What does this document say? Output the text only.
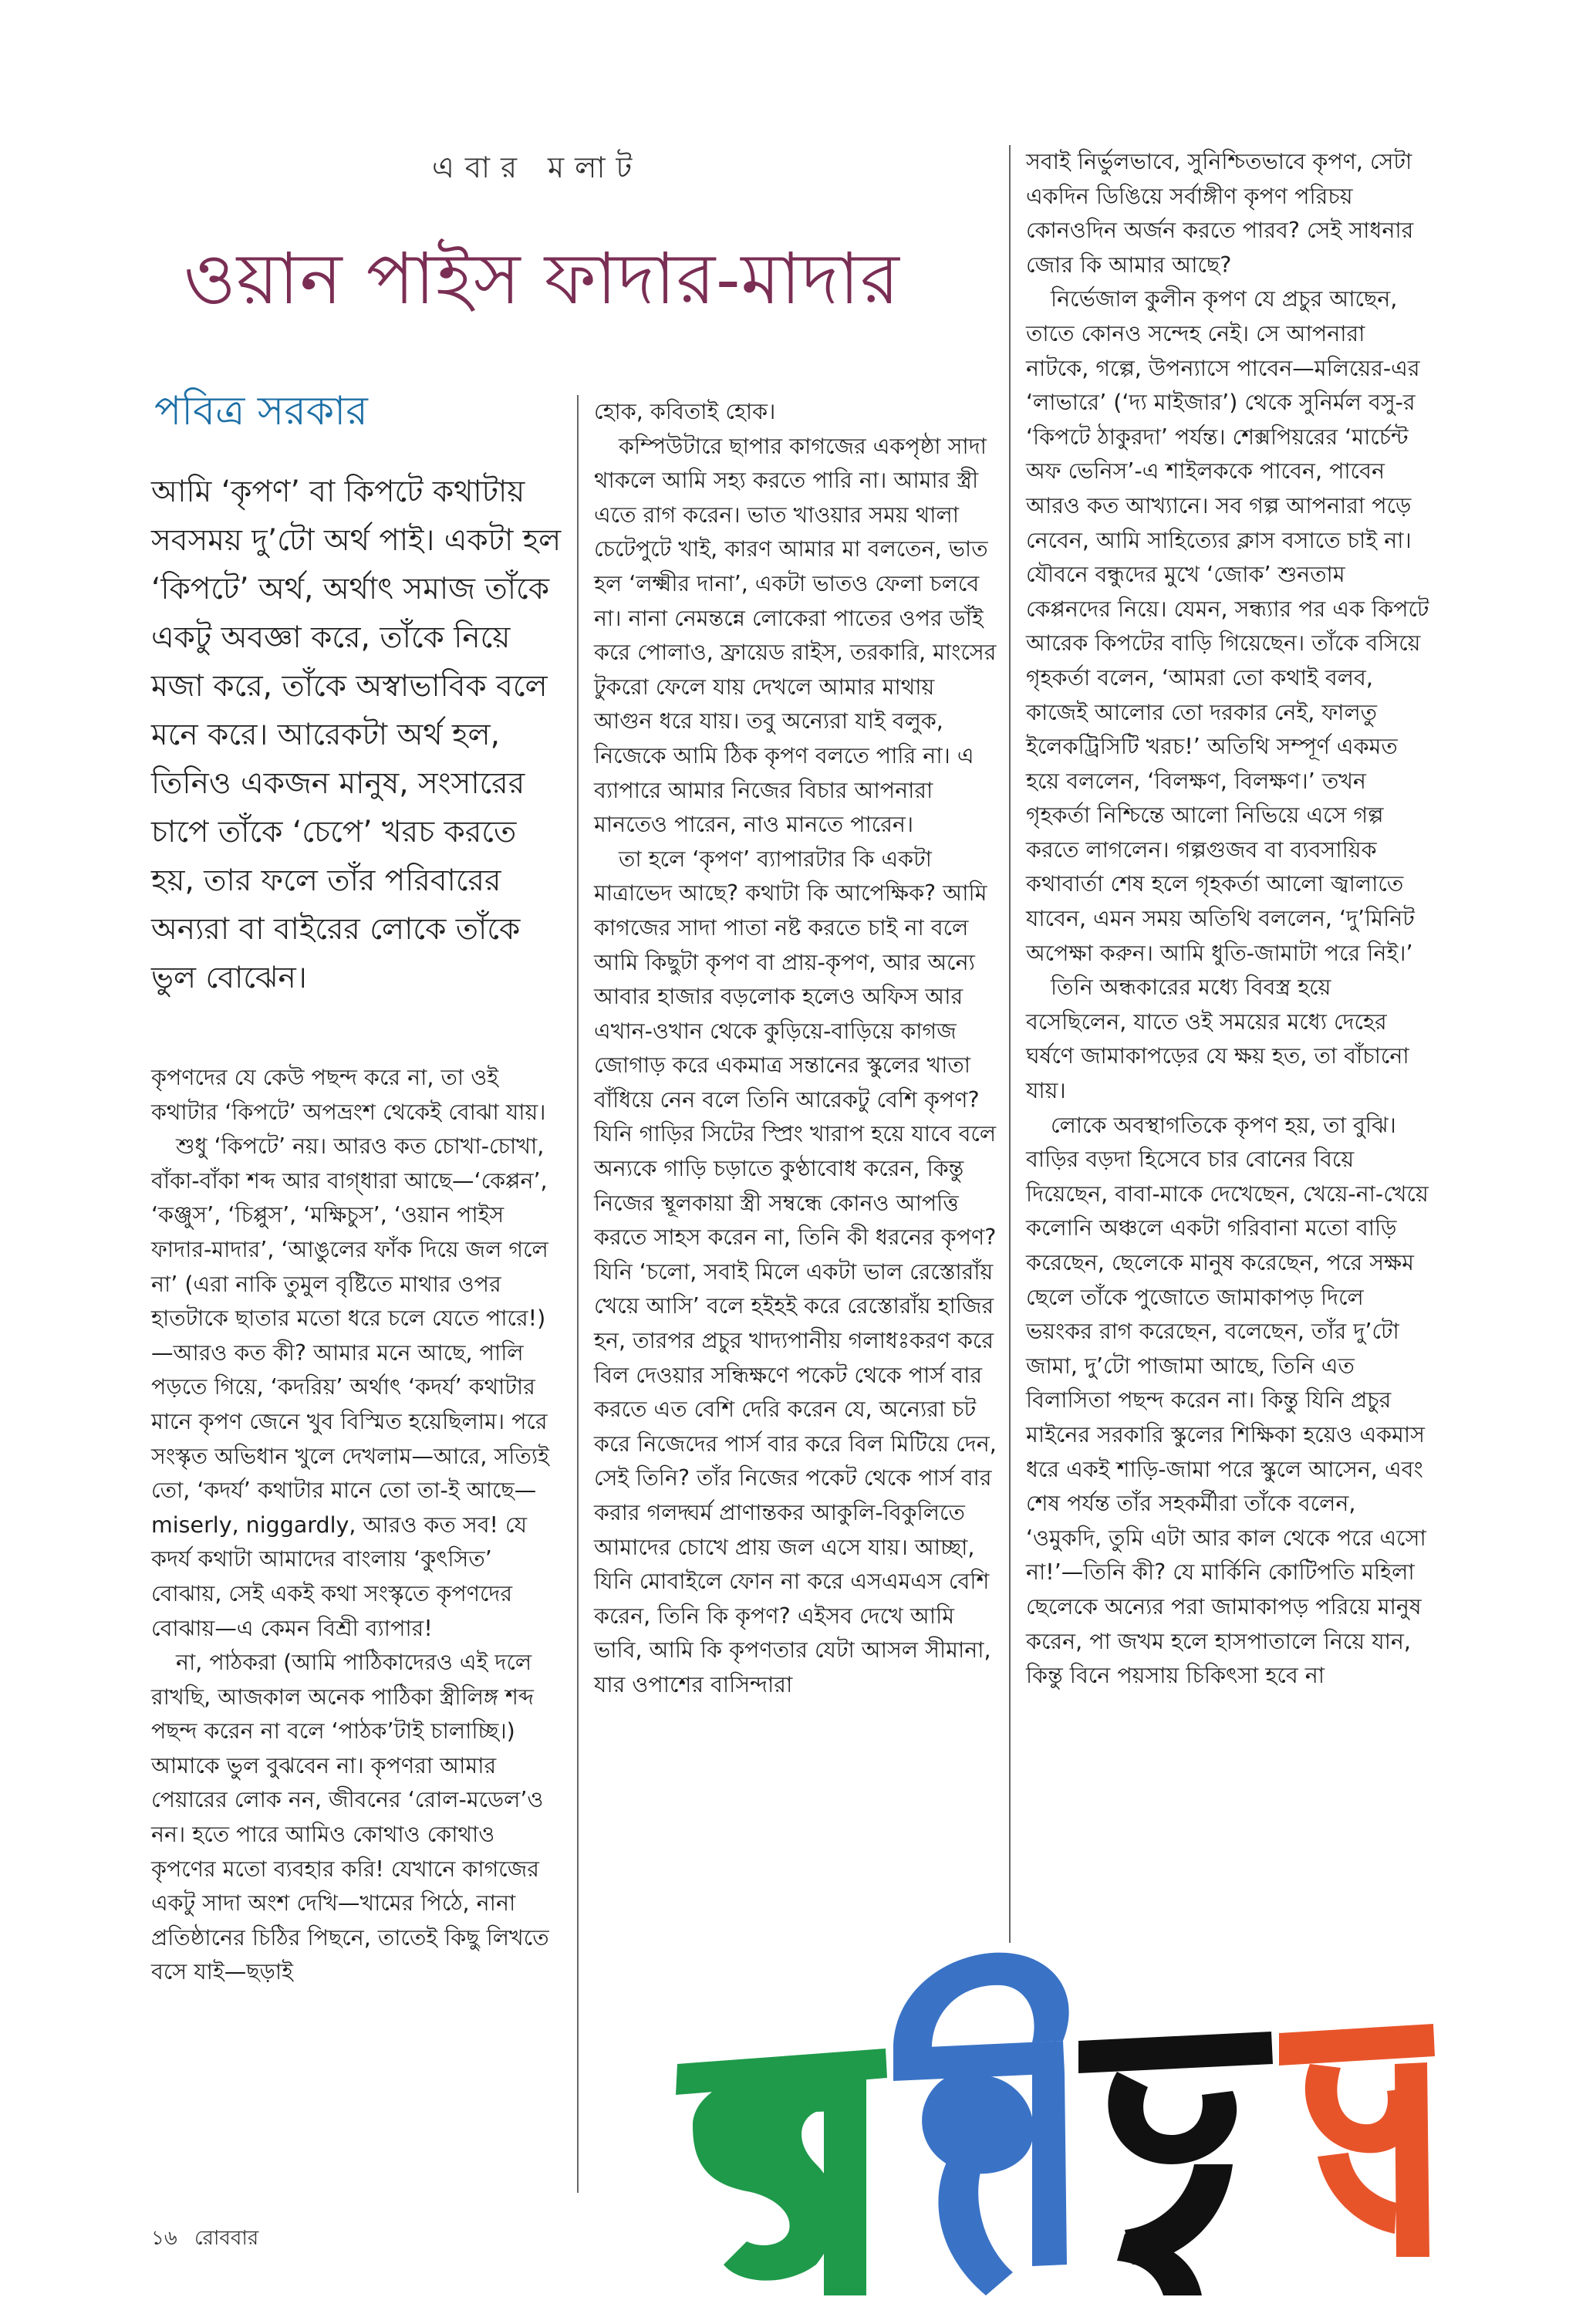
এবার মলাট
ওয়ান পাইস ফাদার-মাদার
পবিত্র সরকার
আমি ‘কৃপণ’ বা কিপটে কথাটায় সবসময় দু’টো অর্থ পাই। একটা হল ‘কিপটে’ অর্থ, অর্থাৎ সমাজ তাঁকে একটু অবজ্ঞা করে, তাঁকে নিয়ে মজা করে, তাঁকে অস্বাভাবিক বলে মনে করে। আরেকটা অর্থ হল, তিনিও একজন মানুষ, সংসারের চাপে তাঁকে ‘চেপে’ খরচ করতে হয়, তার ফলে তাঁর পরিবারের অন্যরা বা বাইরের লোকে তাঁকে ভুল বোঝেন।

কৃপণদের যে কেউ পছন্দ করে না, তা ওই কথাটার ‘কিপটে’ অপভ্রংশ থেকেই বোঝা যায়।

শুধু ‘কিপটে’ নয়। আরও কত চোখা-চোখা, বাঁকা-বাঁকা শব্দ আর বাগ্‌ধারা আছে—‘কেপ্পন’, ‘কঞ্জুস’, ‘চিপ্পুস’, ‘মক্ষিচুস’, ‘ওয়ান পাইস ফাদার-মাদার’, ‘আঙুলের ফাঁক দিয়ে জল গলে না’ (এরা নাকি তুমুল বৃষ্টিতে মাথার ওপর হাতটাকে ছাতার মতো ধরে চলে যেতে পারে!)—আরও কত কী? আমার মনে আছে, পালি পড়তে গিয়ে, ‘কদরিয়’ অর্থাৎ ‘কদর্য’ কথাটার মানে কৃপণ জেনে খুব বিস্মিত হয়েছিলাম। পরে সংস্কৃত অভিধান খুলে দেখলাম—আরে, সত্যিই তো, ‘কদর্য’ কথাটার মানে তো তা-ই আছে—miserly, niggardly, আরও কত সব! যে কদর্য কথাটা আমাদের বাংলায় ‘কুৎসিত’ বোঝায়, সেই একই কথা সংস্কৃতে কৃপণদের বোঝায়—এ কেমন বিশ্রী ব্যাপার!

না, পাঠকরা (আমি পাঠিকাদেরও এই দলে রাখছি, আজকাল অনেক পাঠিকা স্ত্রীলিঙ্গ শব্দ পছন্দ করেন না বলে ‘পাঠক’টাই চালাচ্ছি।) আমাকে ভুল বুঝবেন না। কৃপণরা আমার পেয়ারের লোক নন, জীবনের ‘রোল-মডেল’ও নন। হতে পারে আমিও কোথাও কোথাও কৃপণের মতো ব্যবহার করি! যেখানে কাগজের একটু সাদা অংশ দেখি—খামের পিঠে, নানা প্রতিষ্ঠানের চিঠির পিছনে, তাতেই কিছু লিখতে বসে যাই—ছড়াই

হোক, কবিতাই হোক।

কম্পিউটারে ছাপার কাগজের একপৃষ্ঠা সাদা থাকলে আমি সহ্য করতে পারি না। আমার স্ত্রী এতে রাগ করেন। ভাত খাওয়ার সময় থালা চেটেপুটে খাই, কারণ আমার মা বলতেন, ভাত হল ‘লক্ষ্মীর দানা’, একটা ভাতও ফেলা চলবে না। নানা নেমন্তন্নে লোকেরা পাতের ওপর ডাঁই করে পোলাও, ফ্রায়েড রাইস, তরকারি, মাংসের টুকরো ফেলে যায় দেখলে আমার মাথায় আগুন ধরে যায়। তবু অন্যেরা যাই বলুক, নিজেকে আমি ঠিক কৃপণ বলতে পারি না। এ ব্যাপারে আমার নিজের বিচার আপনারা মানতেও পারেন, নাও মানতে পারেন।

তা হলে ‘কৃপণ’ ব্যাপারটার কি একটা মাত্রাভেদ আছে? কথাটা কি আপেক্ষিক? আমি কাগজের সাদা পাতা নষ্ট করতে চাই না বলে আমি কিছুটা কৃপণ বা প্রায়-কৃপণ, আর অন্যে আবার হাজার বড়লোক হলেও অফিস আর এখান-ওখান থেকে কুড়িয়ে-বাড়িয়ে কাগজ জোগাড় করে একমাত্র সন্তানের স্কুলের খাতা বাঁধিয়ে নেন বলে তিনি আরেকটু বেশি কৃপণ? যিনি গাড়ির সিটের স্প্রিং খারাপ হয়ে যাবে বলে অন্যকে গাড়ি চড়াতে কুণ্ঠাবোধ করেন, কিন্তু নিজের স্থূলকায়া স্ত্রী সম্বন্ধে কোনও আপত্তি করতে সাহস করেন না, তিনি কী ধরনের কৃপণ? যিনি ‘চলো, সবাই মিলে একটা ভাল রেস্তোরাঁয় খেয়ে আসি’ বলে হইহই করে রেস্তোরাঁয় হাজির হন, তারপর প্রচুর খাদ্যপানীয় গলাধঃকরণ করে বিল দেওয়ার সন্ধিক্ষণে পকেট থেকে পার্স বার করতে এত বেশি দেরি করেন যে, অন্যেরা চট করে নিজেদের পার্স বার করে বিল মিটিয়ে দেন, সেই তিনি? তাঁর নিজের পকেট থেকে পার্স বার করার গলদ্ঘর্ম প্রাণান্তকর আকুলি-বিকুলিতে আমাদের চোখে প্রায় জল এসে যায়। আচ্ছা, যিনি মোবাইলে ফোন না করে এসএমএস বেশি করেন, তিনি কি কৃপণ? এইসব দেখে আমি ভাবি, আমি কি কৃপণতার যেটা আসল সীমানা, যার ওপাশের বাসিন্দারা

সবাই নির্ভুলভাবে, সুনিশ্চিতভাবে কৃপণ, সেটা একদিন ডিঙিয়ে সর্বাঙ্গীণ কৃপণ পরিচয় কোনওদিন অর্জন করতে পারব? সেই সাধনার জোর কি আমার আছে?

নির্ভেজাল কুলীন কৃপণ যে প্রচুর আছেন, তাতে কোনও সন্দেহ নেই। সে আপনারা নাটকে, গল্পে, উপন্যাসে পাবেন—মলিয়ের-এর ‘লাভারে’ (‘দ্য মাইজার’) থেকে সুনির্মল বসু-র ‘কিপটে ঠাকুরদা’ পর্যন্ত। শেক্সপিয়রের ‘মার্চেন্ট অফ ভেনিস’-এ শাইলককে পাবেন, পাবেন আরও কত আখ্যানে। সব গল্প আপনারা পড়ে নেবেন, আমি সাহিত্যের ক্লাস বসাতে চাই না। যৌবনে বন্ধুদের মুখে ‘জোক’ শুনতাম কেপ্পনদের নিয়ে। যেমন, সন্ধ্যার পর এক কিপটে আরেক কিপটের বাড়ি গিয়েছেন। তাঁকে বসিয়ে গৃহকর্তা বলেন, ‘আমরা তো কথাই বলব, কাজেই আলোর তো দরকার নেই, ফালতু ইলেকট্রিসিটি খরচ!’ অতিথি সম্পূর্ণ একমত হয়ে বললেন, ‘বিলক্ষণ, বিলক্ষণ।’ তখন গৃহকর্তা নিশ্চিন্তে আলো নিভিয়ে এসে গল্প করতে লাগলেন। গল্পগুজব বা ব্যবসায়িক কথাবার্তা শেষ হলে গৃহকর্তা আলো জ্বালাতে যাবেন, এমন সময় অতিথি বললেন, ‘দু’মিনিট অপেক্ষা করুন। আমি ধুতি-জামাটা পরে নিই।’

তিনি অন্ধকারের মধ্যে বিবস্ত্র হয়ে বসেছিলেন, যাতে ওই সময়ের মধ্যে দেহের ঘর্ষণে জামাকাপড়ের যে ক্ষয় হত, তা বাঁচানো যায়।

লোকে অবস্থাগতিকে কৃপণ হয়, তা বুঝি। বাড়ির বড়দা হিসেবে চার বোনের বিয়ে দিয়েছেন, বাবা-মাকে দেখেছেন, খেয়ে-না-খেয়ে কলোনি অঞ্চলে একটা গরিবানা মতো বাড়ি করেছেন, ছেলেকে মানুষ করেছেন, পরে সক্ষম ছেলে তাঁকে পুজোতে জামাকাপড় দিলে ভয়ংকর রাগ করেছেন, বলেছেন, তাঁর দু’টো জামা, দু’টো পাজামা আছে, তিনি এত বিলাসিতা পছন্দ করেন না। কিন্তু যিনি প্রচুর মাইনের সরকারি স্কুলের শিক্ষিকা হয়েও একমাস ধরে একই শাড়ি-জামা পরে স্কুলে আসেন, এবং শেষ পর্যন্ত তাঁর সহকর্মীরা তাঁকে বলেন, ‘ওমুকদি, তুমি এটা আর কাল থেকে পরে এসো না!’—তিনি কী? যে মার্কিনি কোটিপতি মহিলা ছেলেকে অন্যের পরা জামাকাপড় পরিয়ে মানুষ করেন, পা জখম হলে হাসপাতালে নিয়ে যান, কিন্তু বিনে পয়সায় চিকিৎসা হবে না

১৬ রোববার
